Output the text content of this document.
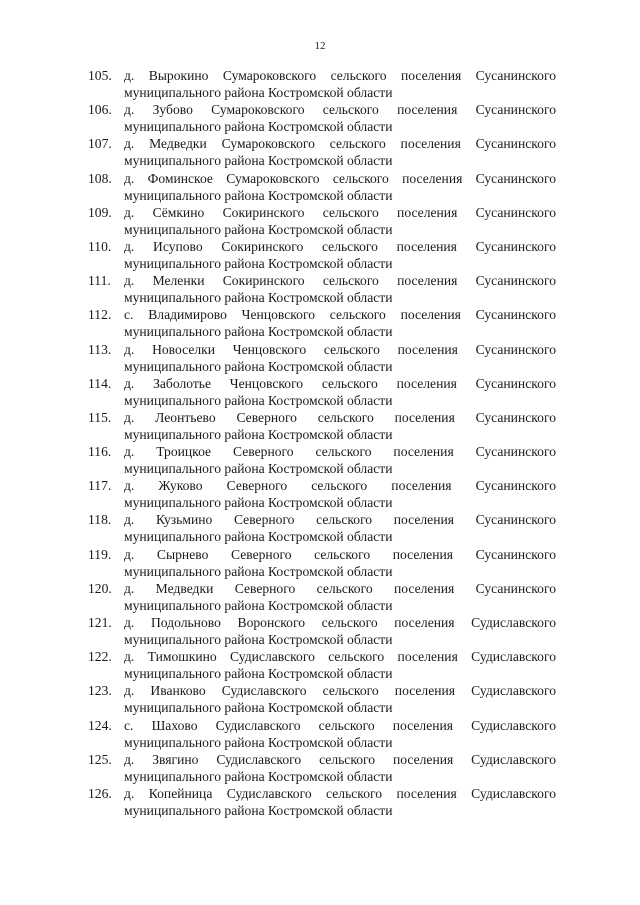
12
105. д. Вырокино Сумароковского сельского поселения Сусанинского
муниципального района Костромской области
106. д. Зубово Сумароковского сельского поселения Сусанинского
муниципального района Костромской области
107. д. Медведки Сумароковского сельского поселения Сусанинского
муниципального района Костромской области
108. д. Фоминское Сумароковского сельского поселения Сусанинского
муниципального района Костромской области
109. д. Сёмкино Сокиринского сельского поселения Сусанинского
муниципального района Костромской области
110. д. Исупово Сокиринского сельского поселения Сусанинского
муниципального района Костромской области
111. д. Меленки Сокиринского сельского поселения Сусанинского
муниципального района Костромской области
112. с. Владимирово Ченцовского сельского поселения Сусанинского
муниципального района Костромской области
113. д. Новоселки Ченцовского сельского поселения Сусанинского
муниципального района Костромской области
114. д. Заболотье Ченцовского сельского поселения Сусанинского
муниципального района Костромской области
115. д. Леонтьево Северного сельского поселения Сусанинского
муниципального района Костромской области
116. д. Троицкое Северного сельского поселения Сусанинского
муниципального района Костромской области
117. д. Жуково Северного сельского поселения Сусанинского
муниципального района Костромской области
118. д. Кузьмино Северного сельского поселения Сусанинского
муниципального района Костромской области
119. д. Сырнево Северного сельского поселения Сусанинского
муниципального района Костромской области
120. д. Медведки Северного сельского поселения Сусанинского
муниципального района Костромской области
121. д. Подольново Воронского сельского поселения Судиславского
муниципального района Костромской области
122. д. Тимошкино Судиславского сельского поселения Судиславского
муниципального района Костромской области
123. д. Иванково Судиславского сельского поселения Судиславского
муниципального района Костромской области
124. с. Шахово Судиславского сельского поселения Судиславского
муниципального района Костромской области
125. д. Звягино Судиславского сельского поселения Судиславского
муниципального района Костромской области
126. д. Копейница Судиславского сельского поселения Судиславского
муниципального района Костромской области
